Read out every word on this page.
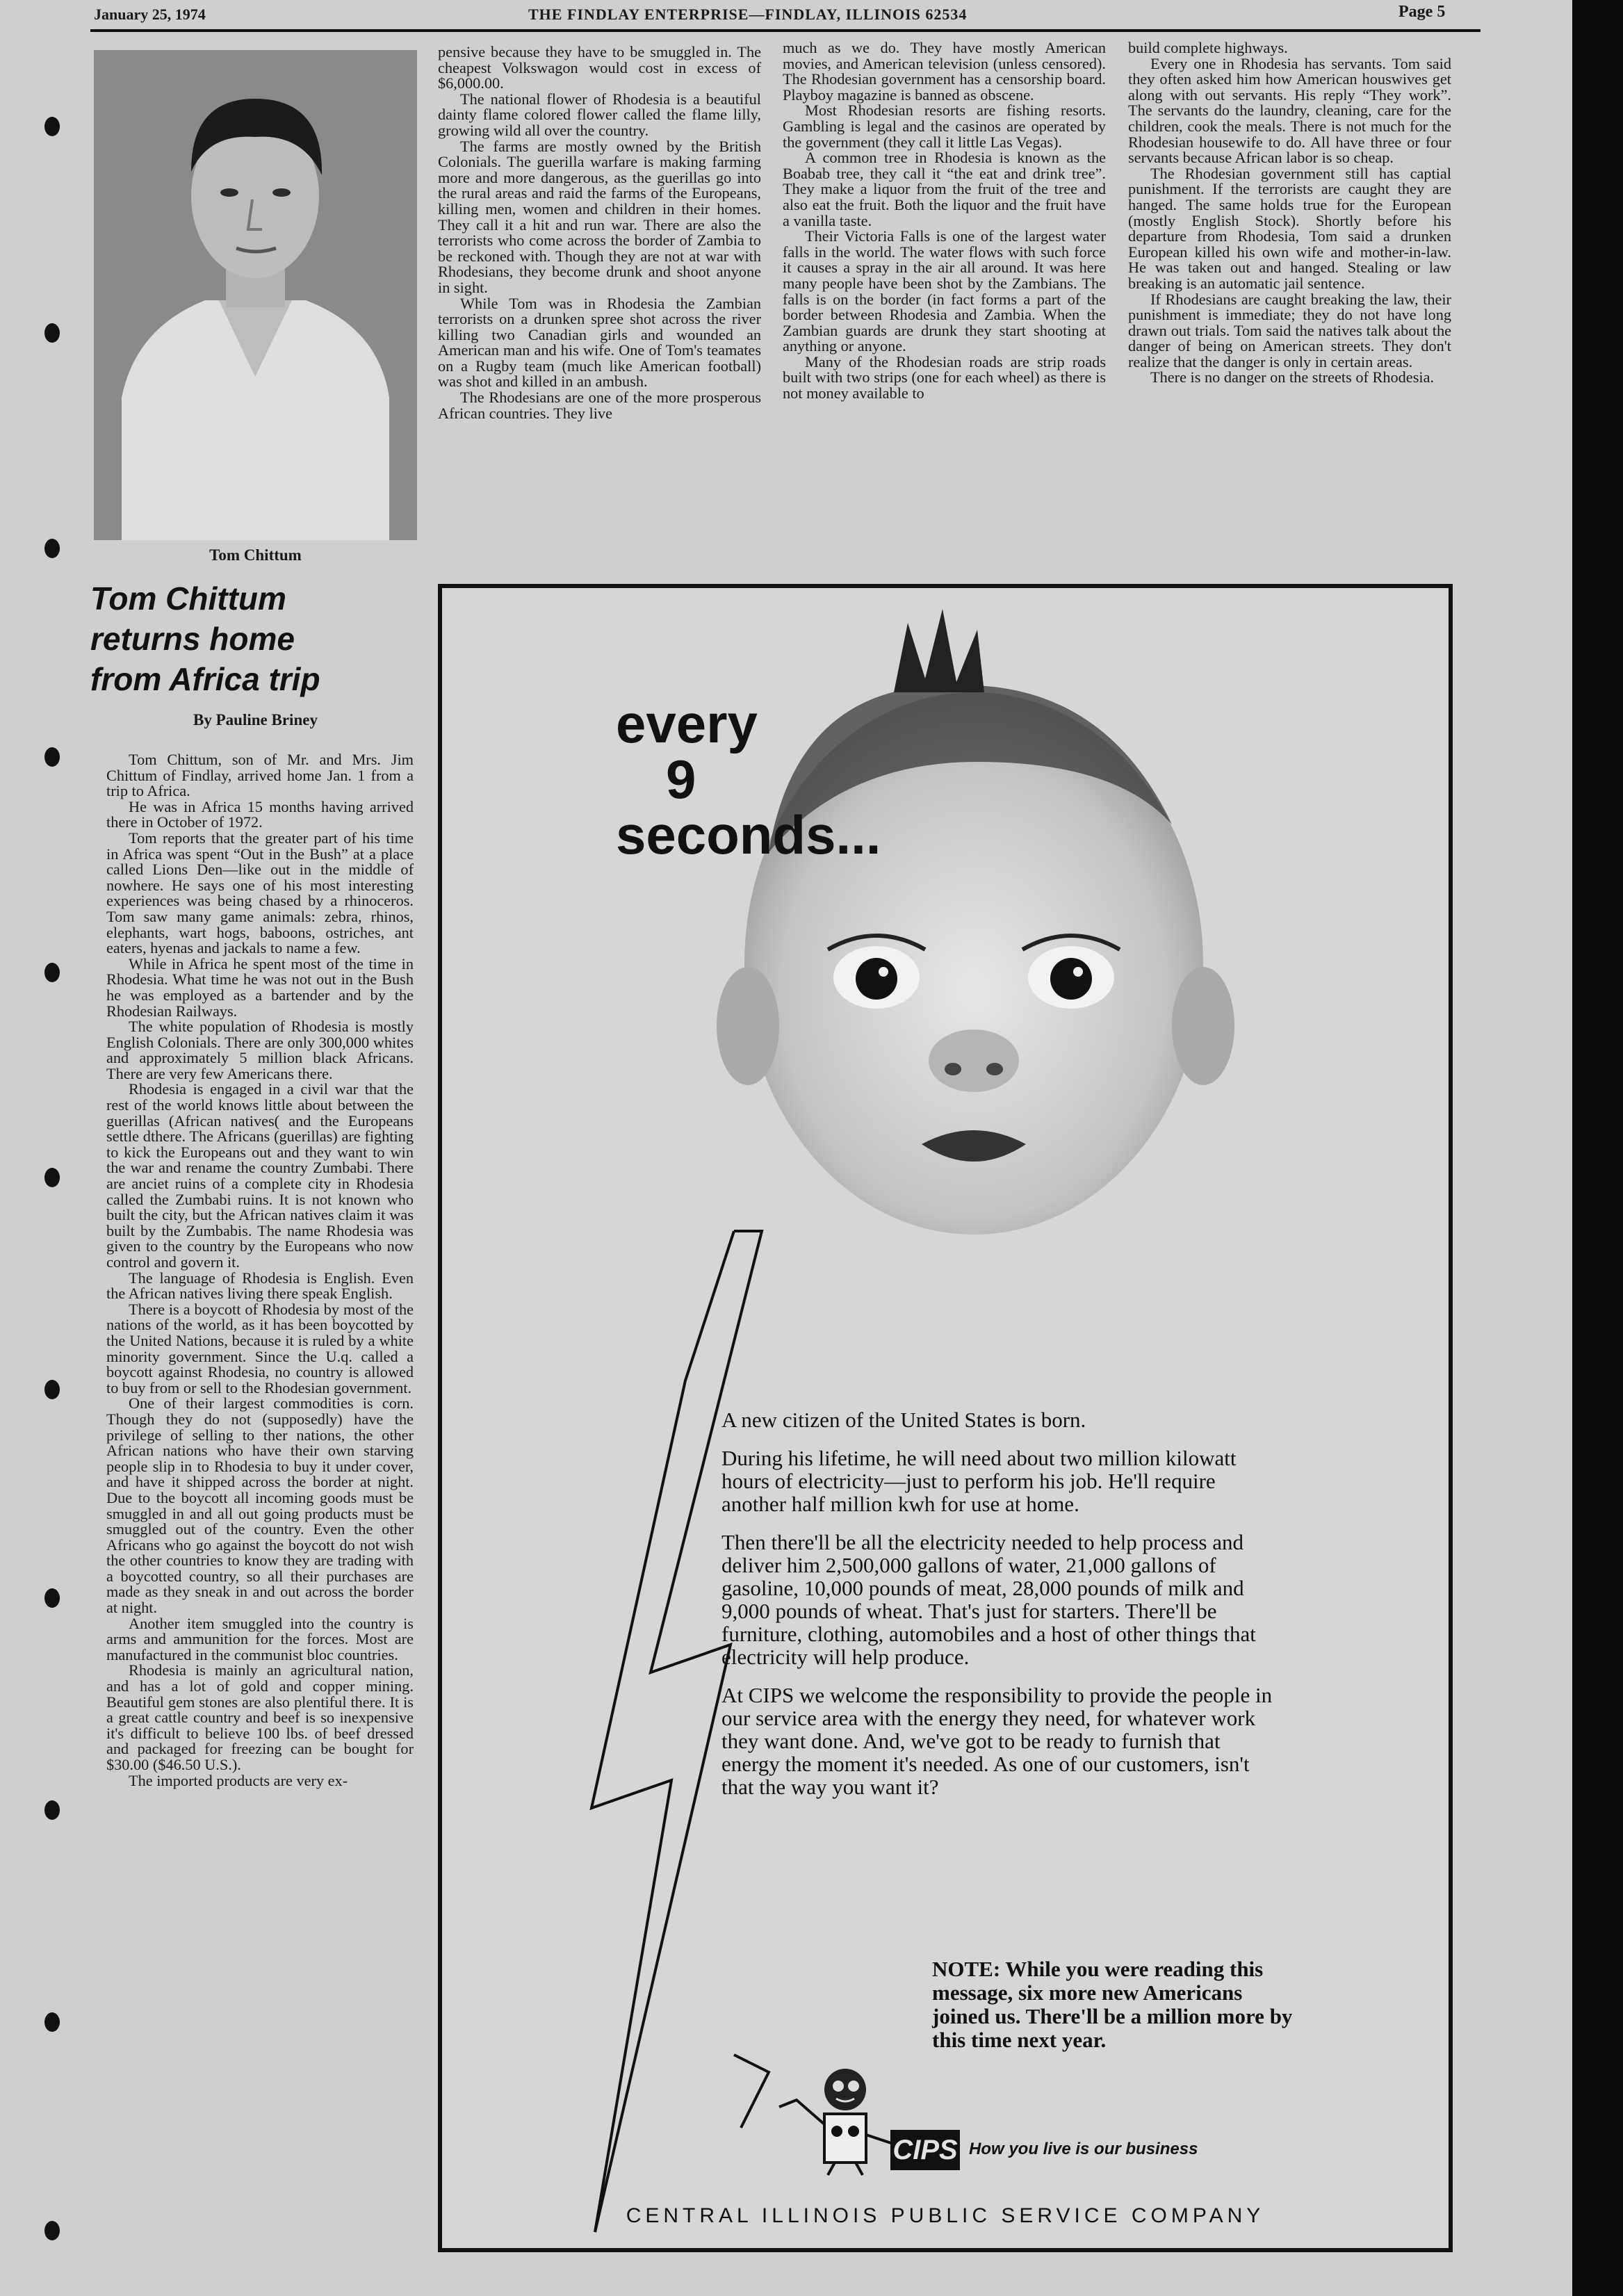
January 25, 1974	THE FINDLAY ENTERPRISE—FINDLAY, ILLINOIS 62534	Page 5
Tom Chittum
Tom Chittum
returns home
from Africa trip
By Pauline Briney

Tom Chittum, son of Mr. and Mrs. Jim Chittum of Findlay, arrived home Jan. 1 from a trip to Africa.

He was in Africa 15 months having arrived there in October of 1972.

Tom reports that the greater part of his time in Africa was spent “Out in the Bush” at a place called Lions Den—like out in the middle of nowhere. He says one of his most interesting experiences was being chased by a rhinoceros. Tom saw many game animals: zebra, rhinos, elephants, wart hogs, baboons, ostriches, ant eaters, hyenas and jackals to name a few.

While in Africa he spent most of the time in Rhodesia. What time he was not out in the Bush he was employed as a bartender and by the Rhodesian Railways.

The white population of Rhodesia is mostly English Colonials. There are only 300,000 whites and approximately 5 million black Africans. There are very few Americans there.

Rhodesia is engaged in a civil war that the rest of the world knows little about between the guerillas (African natives( and the Europeans settle dthere. The Africans (guerillas) are fighting to kick the Europeans out and they want to win the war and rename the country Zumbabi. There are anciet ruins of a complete city in Rhodesia called the Zumbabi ruins. It is not known who built the city, but the African natives claim it was built by the Zumbabis. The name Rhodesia was given to the country by the Europeans who now control and govern it.

The language of Rhodesia is English. Even the African natives living there speak English.

There is a boycott of Rhodesia by most of the nations of the world, as it has been boycotted by the United Nations, because it is ruled by a white minority government. Since the U.q. called a boycott against Rhodesia, no country is allowed to buy from or sell to the Rhodesian government.

One of their largest commodities is corn. Though they do not (supposedly) have the privilege of selling to ther nations, the other African nations who have their own starving people slip in to Rhodesia to buy it under cover, and have it shipped across the border at night. Due to the boycott all incoming goods must be smuggled in and all out going products must be smuggled out of the country. Even the other Africans who go against the boycott do not wish the other countries to know they are trading with a boycotted country, so all their purchases are made as they sneak in and out across the border at night.

Another item smuggled into the country is arms and ammunition for the forces. Most are manufactured in the communist bloc countries.

Rhodesia is mainly an agricultural nation, and has a lot of gold and copper mining. Beautiful gem stones are also plentiful there. It is a great cattle country and beef is so inexpensive it's difficult to believe 100 lbs. of beef dressed and packaged for freezing can be bought for $30.00 ($46.50 U.S.).

The imported products are very ex-

pensive because they have to be smuggled in. The cheapest Volkswagon would cost in excess of $6,000.00.

The national flower of Rhodesia is a beautiful dainty flame colored flower called the flame lilly, growing wild all over the country.

The farms are mostly owned by the British Colonials. The guerilla warfare is making farming more and more dangerous, as the guerillas go into the rural areas and raid the farms of the Europeans, killing men, women and children in their homes. They call it a hit and run war. There are also the terrorists who come across the border of Zambia to be reckoned with. Though they are not at war with Rhodesians, they become drunk and shoot anyone in sight.

While Tom was in Rhodesia the Zambian terrorists on a drunken spree shot across the river killing two Canadian girls and wounded an American man and his wife. One of Tom's teamates on a Rugby team (much like American football) was shot and killed in an ambush.

The Rhodesians are one of the more prosperous African countries. They live

much as we do. They have mostly American movies, and American television (unless censored). The Rhodesian government has a censorship board. Playboy magazine is banned as obscene.

Most Rhodesian resorts are fishing resorts. Gambling is legal and the casinos are operated by the government (they call it little Las Vegas).

A common tree in Rhodesia is known as the Boabab tree, they call it “the eat and drink tree”. They make a liquor from the fruit of the tree and also eat the fruit. Both the liquor and the fruit have a vanilla taste.

Their Victoria Falls is one of the largest water falls in the world. The water flows with such force it causes a spray in the air all around. It was here many people have been shot by the Zambians. The falls is on the border (in fact forms a part of the border between Rhodesia and Zambia. When the Zambian guards are drunk they start shooting at anything or anyone.

Many of the Rhodesian roads are strip roads built with two strips (one for each wheel) as there is not money available to

build complete highways.

Every one in Rhodesia has servants. Tom said they often asked him how American houswives get along with out servants. His reply “They work”. The servants do the laundry, cleaning, care for the children, cook the meals. There is not much for the Rhodesian housewife to do. All have three or four servants because African labor is so cheap.

The Rhodesian government still has captial punishment. If the terrorists are caught they are hanged. The same holds true for the European (mostly English Stock). Shortly before his departure from Rhodesia, Tom said a drunken European killed his own wife and mother-in-law. He was taken out and hanged. Stealing or law breaking is an automatic jail sentence.

If Rhodesians are caught breaking the law, their punishment is immediate; they do not have long drawn out trials. Tom said the natives talk about the danger of being on American streets. They don't realize that the danger is only in certain areas.

There is no danger on the streets of Rhodesia.

every
9
seconds...

A new citizen of the United States is born.

During his lifetime, he will need about two million kilowatt hours of electricity—just to perform his job. He'll require another half million kwh for use at home.

Then there'll be all the electricity needed to help process and deliver him 2,500,000 gallons of water, 21,000 gallons of gasoline, 10,000 pounds of meat, 28,000 pounds of milk and 9,000 pounds of wheat. That's just for starters. There'll be furniture, clothing, automobiles and a host of other things that electricity will help produce.

At CIPS we welcome the responsibility to provide the people in our service area with the energy they need, for whatever work they want done. And, we've got to be ready to furnish that energy the moment it's needed. As one of our customers, isn't that the way you want it?

NOTE: While you were reading this message, six more new Americans joined us. There'll be a million more by this time next year.
CIPS How you live is our business
CENTRAL ILLINOIS PUBLIC SERVICE COMPANY
